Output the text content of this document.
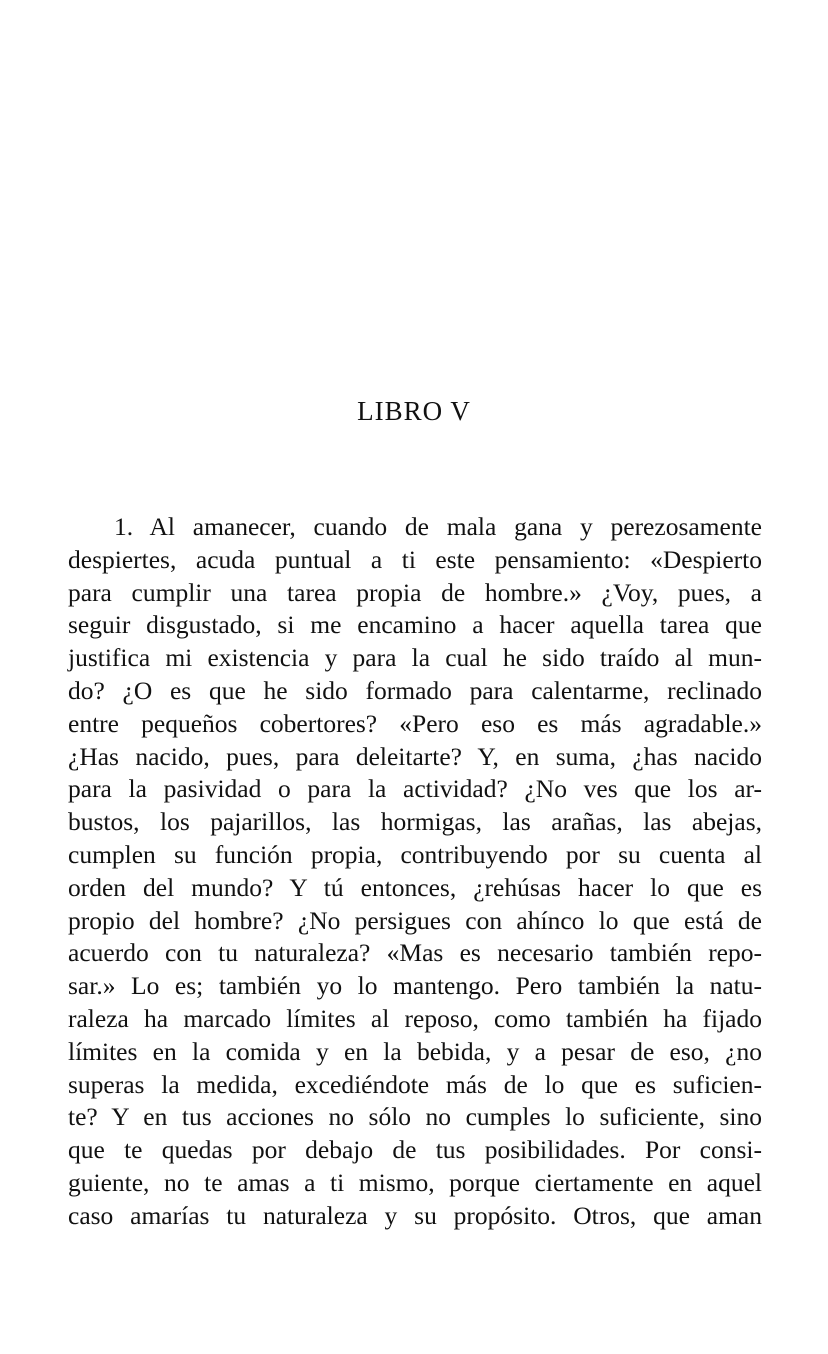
LIBRO V
1. Al amanecer, cuando de mala gana y perezosamente
despiertes, acuda puntual a ti este pensamiento: «Despierto
para cumplir una tarea propia de hombre.» ¿Voy, pues, a
seguir disgustado, si me encamino a hacer aquella tarea que
justifica mi existencia y para la cual he sido traído al mun-
do? ¿O es que he sido formado para calentarme, reclinado
entre pequeños cobertores? «Pero eso es más agradable.»
¿Has nacido, pues, para deleitarte? Y, en suma, ¿has nacido
para la pasividad o para la actividad? ¿No ves que los ar-
bustos, los pajarillos, las hormigas, las arañas, las abejas,
cumplen su función propia, contribuyendo por su cuenta al
orden del mundo? Y tú entonces, ¿rehúsas hacer lo que es
propio del hombre? ¿No persigues con ahínco lo que está de
acuerdo con tu naturaleza? «Mas es necesario también repo-
sar.» Lo es; también yo lo mantengo. Pero también la natu-
raleza ha marcado límites al reposo, como también ha fijado
límites en la comida y en la bebida, y a pesar de eso, ¿no
superas la medida, excediéndote más de lo que es suficien-
te? Y en tus acciones no sólo no cumples lo suficiente, sino
que te quedas por debajo de tus posibilidades. Por consi-
guiente, no te amas a ti mismo, porque ciertamente en aquel
caso amarías tu naturaleza y su propósito. Otros, que aman
